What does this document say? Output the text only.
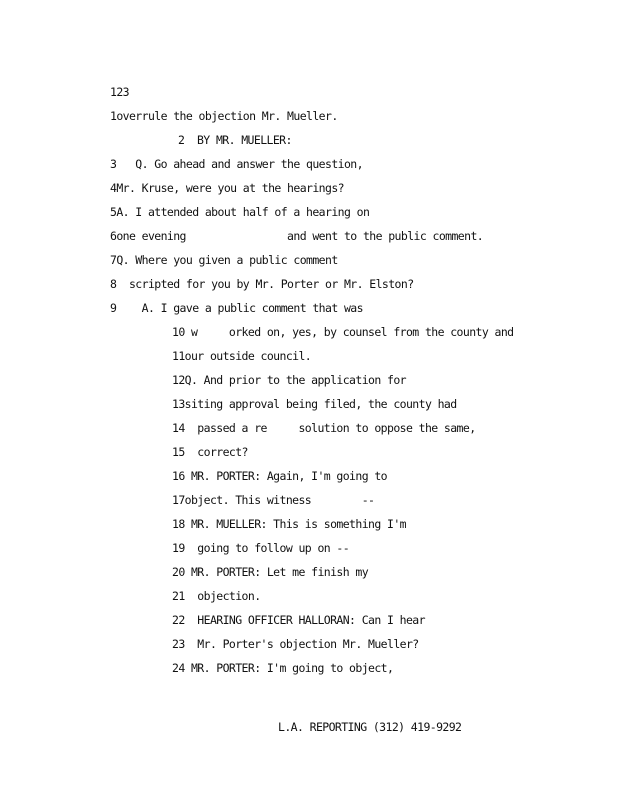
123
1overrule the objection Mr. Mueller.
2  BY MR. MUELLER:
3   Q. Go ahead and answer the question,
4Mr. Kruse, were you at the hearings?
5A. I attended about half of a hearing on
6one evening                and went to the public comment.
7Q. Where you given a public comment
8  scripted for you by Mr. Porter or Mr. Elston?
9    A. I gave a public comment that was
10 w     orked on, yes, by counsel from the county and
11our outside council.
12Q. And prior to the application for
13siting approval being filed, the county had
14  passed a re     solution to oppose the same,
15  correct?
16 MR. PORTER: Again, I'm going to
17object. This witness        --
18 MR. MUELLER: This is something I'm
19  going to follow up on --
20 MR. PORTER: Let me finish my
21  objection.
22  HEARING OFFICER HALLORAN: Can I hear
23  Mr. Porter's objection Mr. Mueller?
24 MR. PORTER: I'm going to object,
L.A. REPORTING (312) 419-9292
